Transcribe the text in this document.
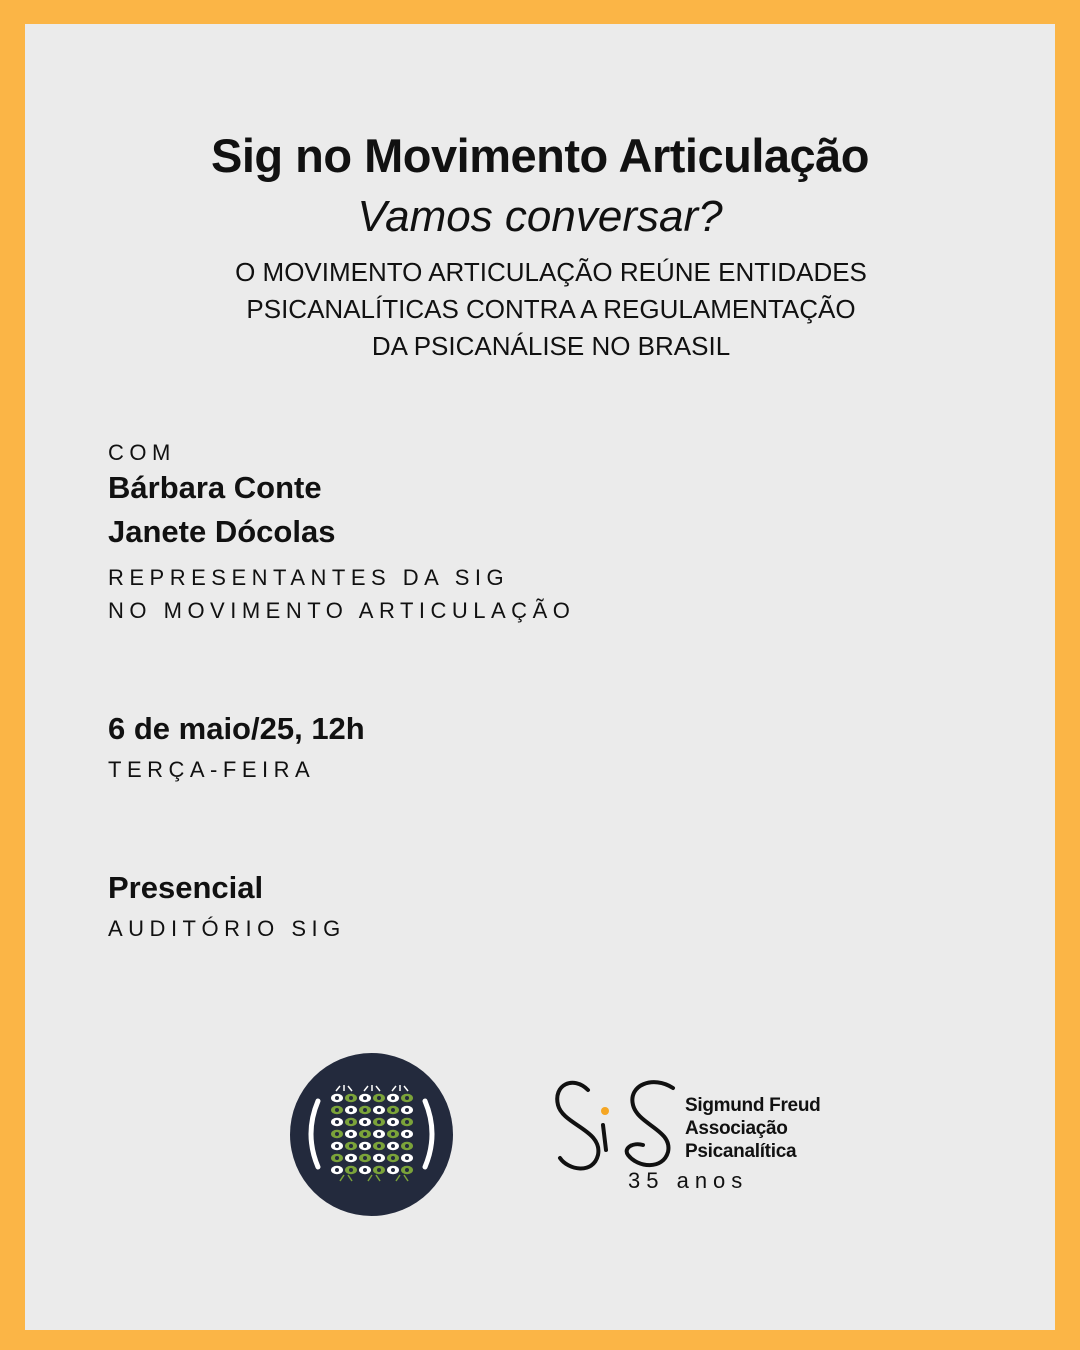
Sig no Movimento Articulação
Vamos conversar?
O MOVIMENTO ARTICULAÇÃO REÚNE ENTIDADES
PSICANALÍTICAS CONTRA A REGULAMENTAÇÃO
DA PSICANÁLISE NO BRASIL
COM
Bárbara Conte
Janete Dócolas
REPRESENTANTES DA SIG
NO MOVIMENTO ARTICULAÇÃO
6 de maio/25, 12h
TERÇA-FEIRA
Presencial
AUDITÓRIO SIG
Sigmund Freud
Associação
Psicanalítica
35 anos
